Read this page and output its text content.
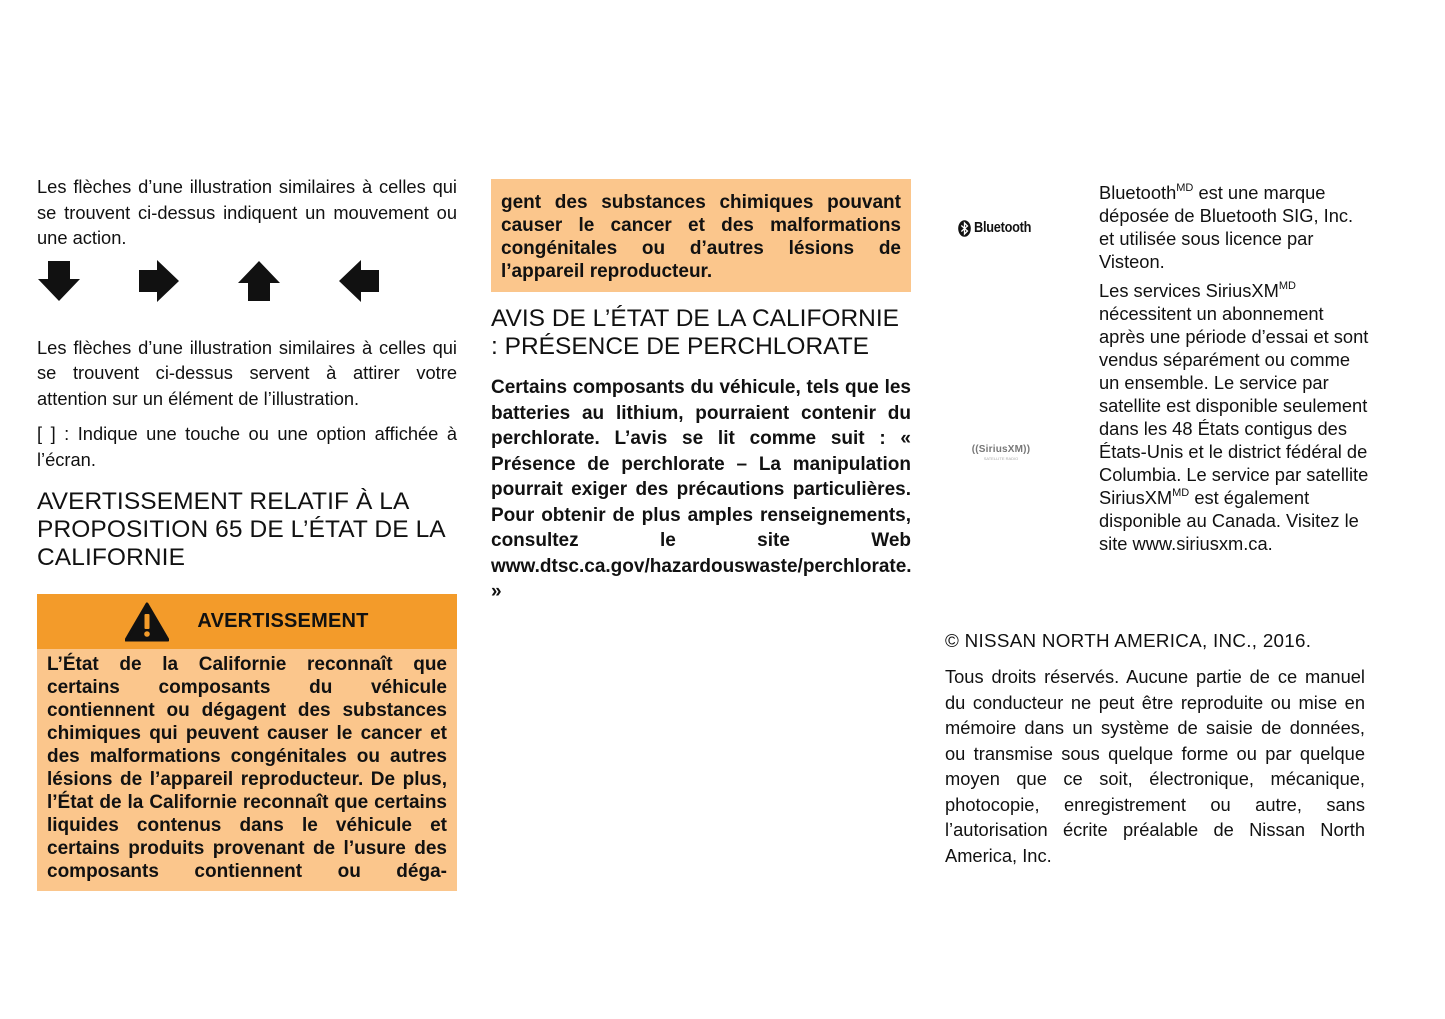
Les flèches d’une illustration similaires à celles qui se trouvent ci-dessus indiquent un mouvement ou une action.

Les flèches d’une illustration similaires à celles qui se trouvent ci-dessus servent à attirer votre attention sur un élément de l’illustration.

[ ] : Indique une touche ou une option affichée à l’écran.

AVERTISSEMENT RELATIF À LA PROPOSITION 65 DE L’ÉTAT DE LA CALIFORNIE
AVERTISSEMENT
L’État de la Californie reconnaît que certains composants du véhicule contiennent ou dégagent des substances chimiques qui peuvent causer le cancer et des malformations congénitales ou autres lésions de l’appareil reproducteur. De plus, l’État de la Californie reconnaît que certains liquides contenus dans le véhicule et certains produits provenant de l’usure des composants contiennent ou déga-
gent des substances chimiques pouvant causer le cancer et des malformations congénitales ou d’autres lésions de l’appareil reproducteur.
AVIS DE L’ÉTAT DE LA CALIFORNIE : PRÉSENCE DE PERCHLORATE

Certains composants du véhicule, tels que les batteries au lithium, pourraient contenir du perchlorate. L’avis se lit comme suit : « Présence de perchlorate – La manipulation pourrait exiger des précautions particulières. Pour obtenir de plus amples renseignements, consultez le site Web www.dtsc.ca.gov/hazardouswaste/perchlorate. »

Bluetooth
((SiriusXM))
SATELLITE RADIO

Bluetooth$^{MD}$ est une marque déposée de Bluetooth SIG, Inc. et utilisée sous licence par Visteon.

Les services SiriusXM$^{MD}$ nécessitent un abonnement après une période d’essai et sont vendus séparément ou comme un ensemble. Le service par satellite est disponible seulement dans les 48 États contigus des États-Unis et le district fédéral de Columbia. Le service par satellite SiriusXM$^{MD}$ est également disponible au Canada. Visitez le site www.siriusxm.ca.

© NISSAN NORTH AMERICA, INC., 2016.

Tous droits réservés. Aucune partie de ce manuel du conducteur ne peut être reproduite ou mise en mémoire dans un système de saisie de données, ou transmise sous quelque forme ou par quelque moyen que ce soit, électronique, mécanique, photocopie, enregistrement ou autre, sans l’autorisation écrite préalable de Nissan North America, Inc.
